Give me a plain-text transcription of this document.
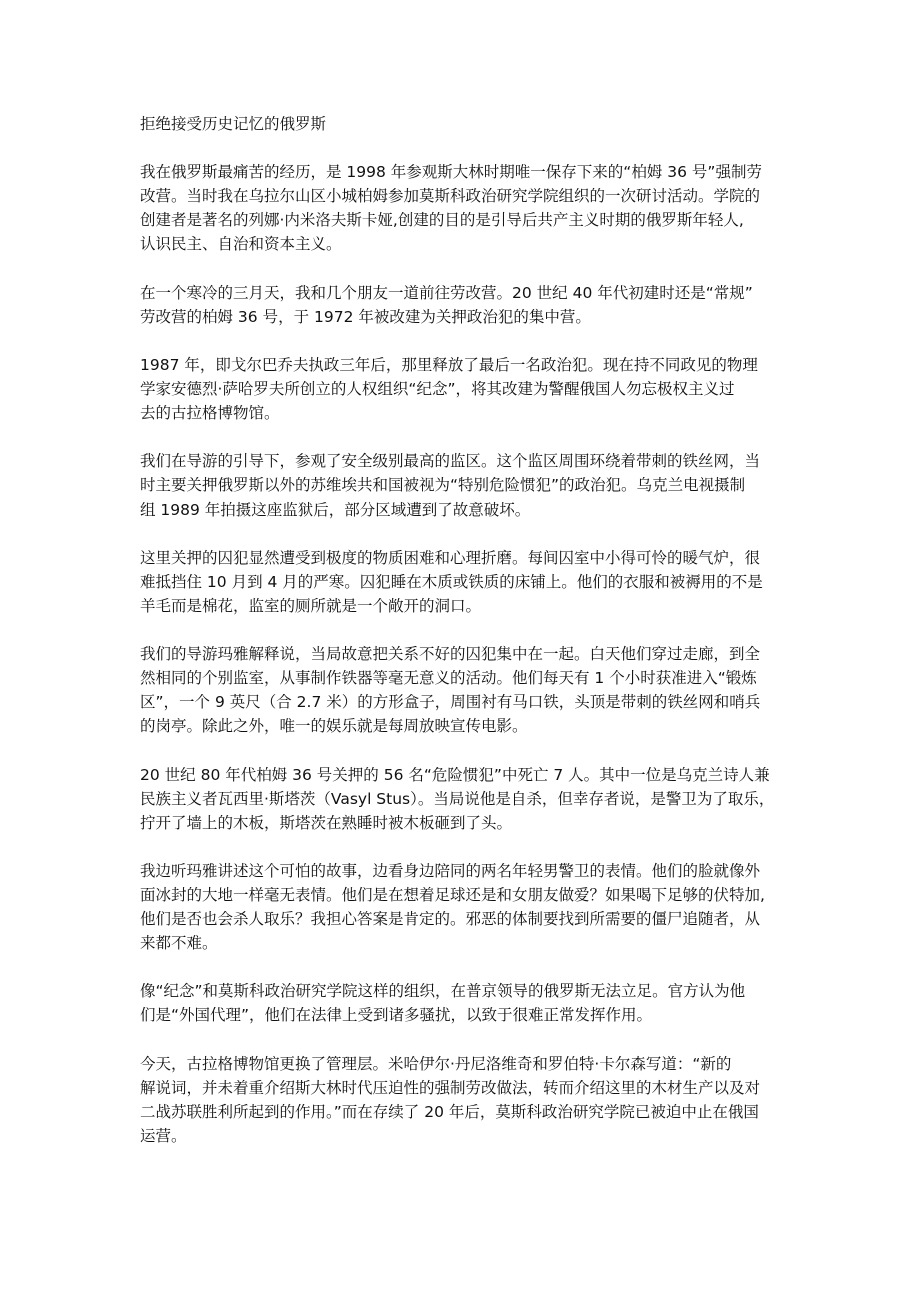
拒绝接受历史记忆的俄罗斯

我在俄罗斯最痛苦的经历，是 1998 年参观斯大林时期唯一保存下来的“柏姆 36 号”强制劳
改营。当时我在乌拉尔山区小城柏姆参加莫斯科政治研究学院组织的一次研讨活动。学院的
创建者是著名的列娜·内米洛夫斯卡娅,创建的目的是引导后共产主义时期的俄罗斯年轻人,
认识民主、自治和资本主义。

在一个寒冷的三月天，我和几个朋友一道前往劳改营。20 世纪 40 年代初建时还是“常规”
劳改营的柏姆 36 号，于 1972 年被改建为关押政治犯的集中营。

1987 年，即戈尔巴乔夫执政三年后，那里释放了最后一名政治犯。现在持不同政见的物理
学家安德烈·萨哈罗夫所创立的人权组织“纪念”，将其改建为警醒俄国人勿忘极权主义过
去的古拉格博物馆。

我们在导游的引导下，参观了安全级别最高的监区。这个监区周围环绕着带刺的铁丝网，当
时主要关押俄罗斯以外的苏维埃共和国被视为“特别危险惯犯”的政治犯。乌克兰电视摄制
组 1989 年拍摄这座监狱后，部分区域遭到了故意破坏。

这里关押的囚犯显然遭受到极度的物质困难和心理折磨。每间囚室中小得可怜的暖气炉，很
难抵挡住 10 月到 4 月的严寒。囚犯睡在木质或铁质的床铺上。他们的衣服和被褥用的不是
羊毛而是棉花，监室的厕所就是一个敞开的洞口。

我们的导游玛雅解释说，当局故意把关系不好的囚犯集中在一起。白天他们穿过走廊，到全
然相同的个别监室，从事制作铁器等毫无意义的活动。他们每天有 1 个小时获准进入“锻炼
区”，一个 9 英尺（合 2.7 米）的方形盒子，周围衬有马口铁，头顶是带刺的铁丝网和哨兵
的岗亭。除此之外，唯一的娱乐就是每周放映宣传电影。

20 世纪 80 年代柏姆 36 号关押的 56 名“危险惯犯”中死亡 7 人。其中一位是乌克兰诗人兼
民族主义者瓦西里·斯塔茨（Vasyl Stus）。当局说他是自杀，但幸存者说，是警卫为了取乐，
拧开了墙上的木板，斯塔茨在熟睡时被木板砸到了头。

我边听玛雅讲述这个可怕的故事，边看身边陪同的两名年轻男警卫的表情。他们的脸就像外
面冰封的大地一样毫无表情。他们是在想着足球还是和女朋友做爱？如果喝下足够的伏特加,
他们是否也会杀人取乐？我担心答案是肯定的。邪恶的体制要找到所需要的僵尸追随者，从
来都不难。

像“纪念”和莫斯科政治研究学院这样的组织，在普京领导的俄罗斯无法立足。官方认为他
们是“外国代理”，他们在法律上受到诸多骚扰，以致于很难正常发挥作用。

今天，古拉格博物馆更换了管理层。米哈伊尔·丹尼洛维奇和罗伯特·卡尔森写道：“新的
解说词，并未着重介绍斯大林时代压迫性的强制劳改做法，转而介绍这里的木材生产以及对
二战苏联胜利所起到的作用。”而在存续了 20 年后，莫斯科政治研究学院已被迫中止在俄国
运营。
